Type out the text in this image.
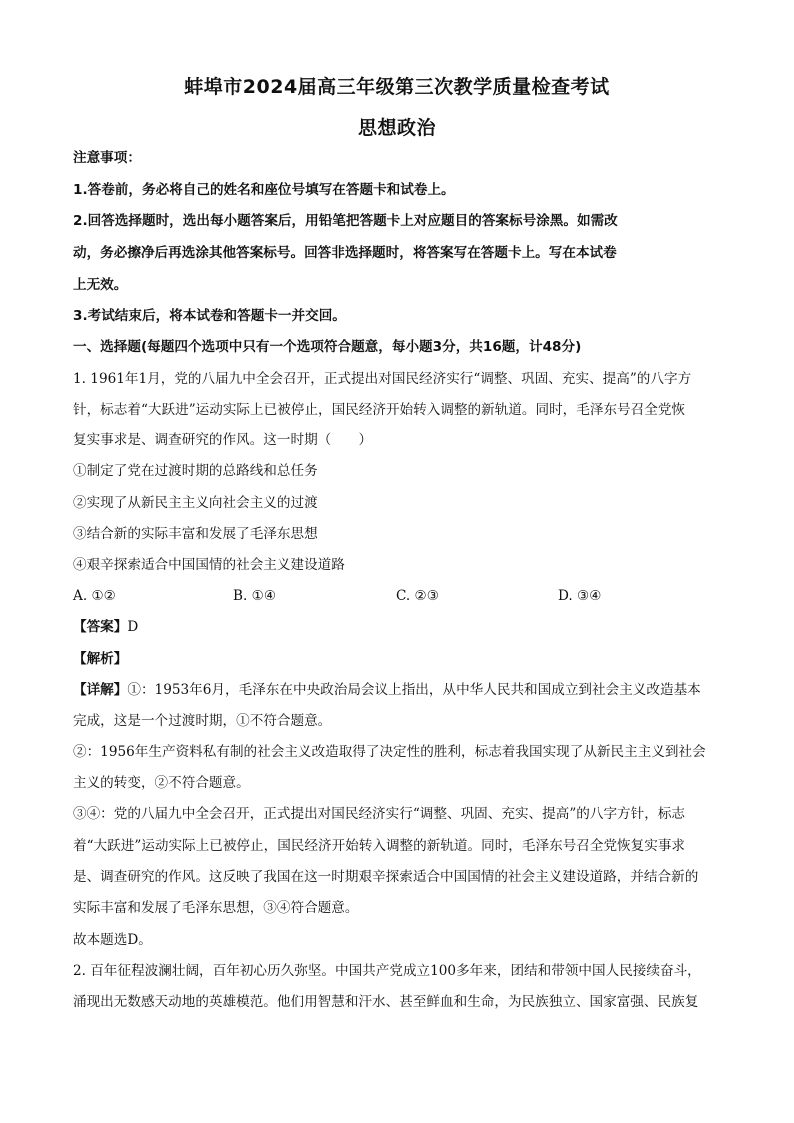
蚌埠市2024届高三年级第三次教学质量检查考试
思想政治
注意事项：
1.答卷前，务必将自己的姓名和座位号填写在答题卡和试卷上。
2.回答选择题时，选出每小题答案后，用铅笔把答题卡上对应题目的答案标号涂黑。如需改
动，务必擦净后再选涂其他答案标号。回答非选择题时，将答案写在答题卡上。写在本试卷
上无效。
3.考试结束后，将本试卷和答题卡一并交回。
一、选择题(每题四个选项中只有一个选项符合题意，每小题3分，共16题，计48分)
1. 1961年1月，党的八届九中全会召开，正式提出对国民经济实行“调整、巩固、充实、提高”的八字方
针，标志着“大跃进”运动实际上已被停止，国民经济开始转入调整的新轨道。同时，毛泽东号召全党恢
复实事求是、调查研究的作风。这一时期（　　）
①制定了党在过渡时期的总路线和总任务
②实现了从新民主主义向社会主义的过渡
③结合新的实际丰富和发展了毛泽东思想
④艰辛探索适合中国国情的社会主义建设道路
A. ①②	B. ①④	C. ②③	D. ③④
【答案】D
【解析】
【详解】①：1953年6月，毛泽东在中央政治局会议上指出，从中华人民共和国成立到社会主义改造基本
完成，这是一个过渡时期，①不符合题意。
②：1956年生产资料私有制的社会主义改造取得了决定性的胜利，标志着我国实现了从新民主主义到社会
主义的转变，②不符合题意。
③④：党的八届九中全会召开，正式提出对国民经济实行“调整、巩固、充实、提高”的八字方针，标志
着“大跃进”运动实际上已被停止，国民经济开始转入调整的新轨道。同时，毛泽东号召全党恢复实事求
是、调查研究的作风。这反映了我国在这一时期艰辛探索适合中国国情的社会主义建设道路，并结合新的
实际丰富和发展了毛泽东思想，③④符合题意。
故本题选D。
2. 百年征程波澜壮阔，百年初心历久弥坚。中国共产党成立100多年来，团结和带领中国人民接续奋斗，
涌现出无数感天动地的英雄模范。他们用智慧和汗水、甚至鲜血和生命，为民族独立、国家富强、民族复
